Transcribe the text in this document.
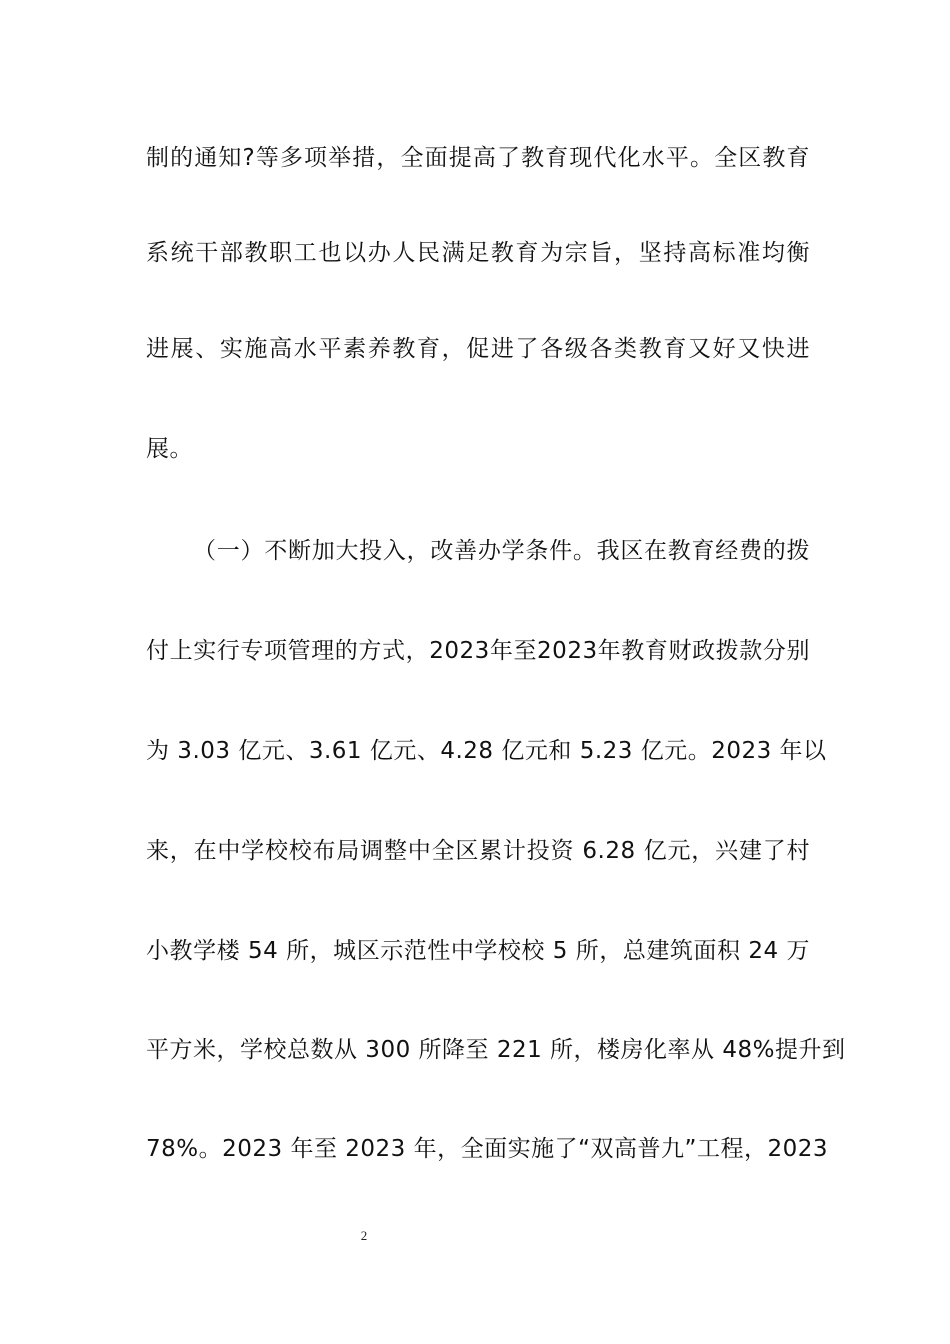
制的通知?等多项举措，全面提高了教育现代化水平。全区教育
系统干部教职工也以办人民满足教育为宗旨，坚持高标准均衡
进展、实施高水平素养教育，促进了各级各类教育又好又快进
展。
（一）不断加大投入，改善办学条件。我区在教育经费的拨
付上实行专项管理的方式，2023年至2023年教育财政拨款分别
为 3.03 亿元、3.61 亿元、4.28 亿元和 5.23 亿元。2023 年以
来，在中学校校布局调整中全区累计投资 6.28 亿元，兴建了村
小教学楼 54 所，城区示范性中学校校 5 所，总建筑面积 24 万
平方米，学校总数从 300 所降至 221 所，楼房化率从 48%提升到
78%。2023 年至 2023 年，全面实施了“双高普九”工程，2023
2
